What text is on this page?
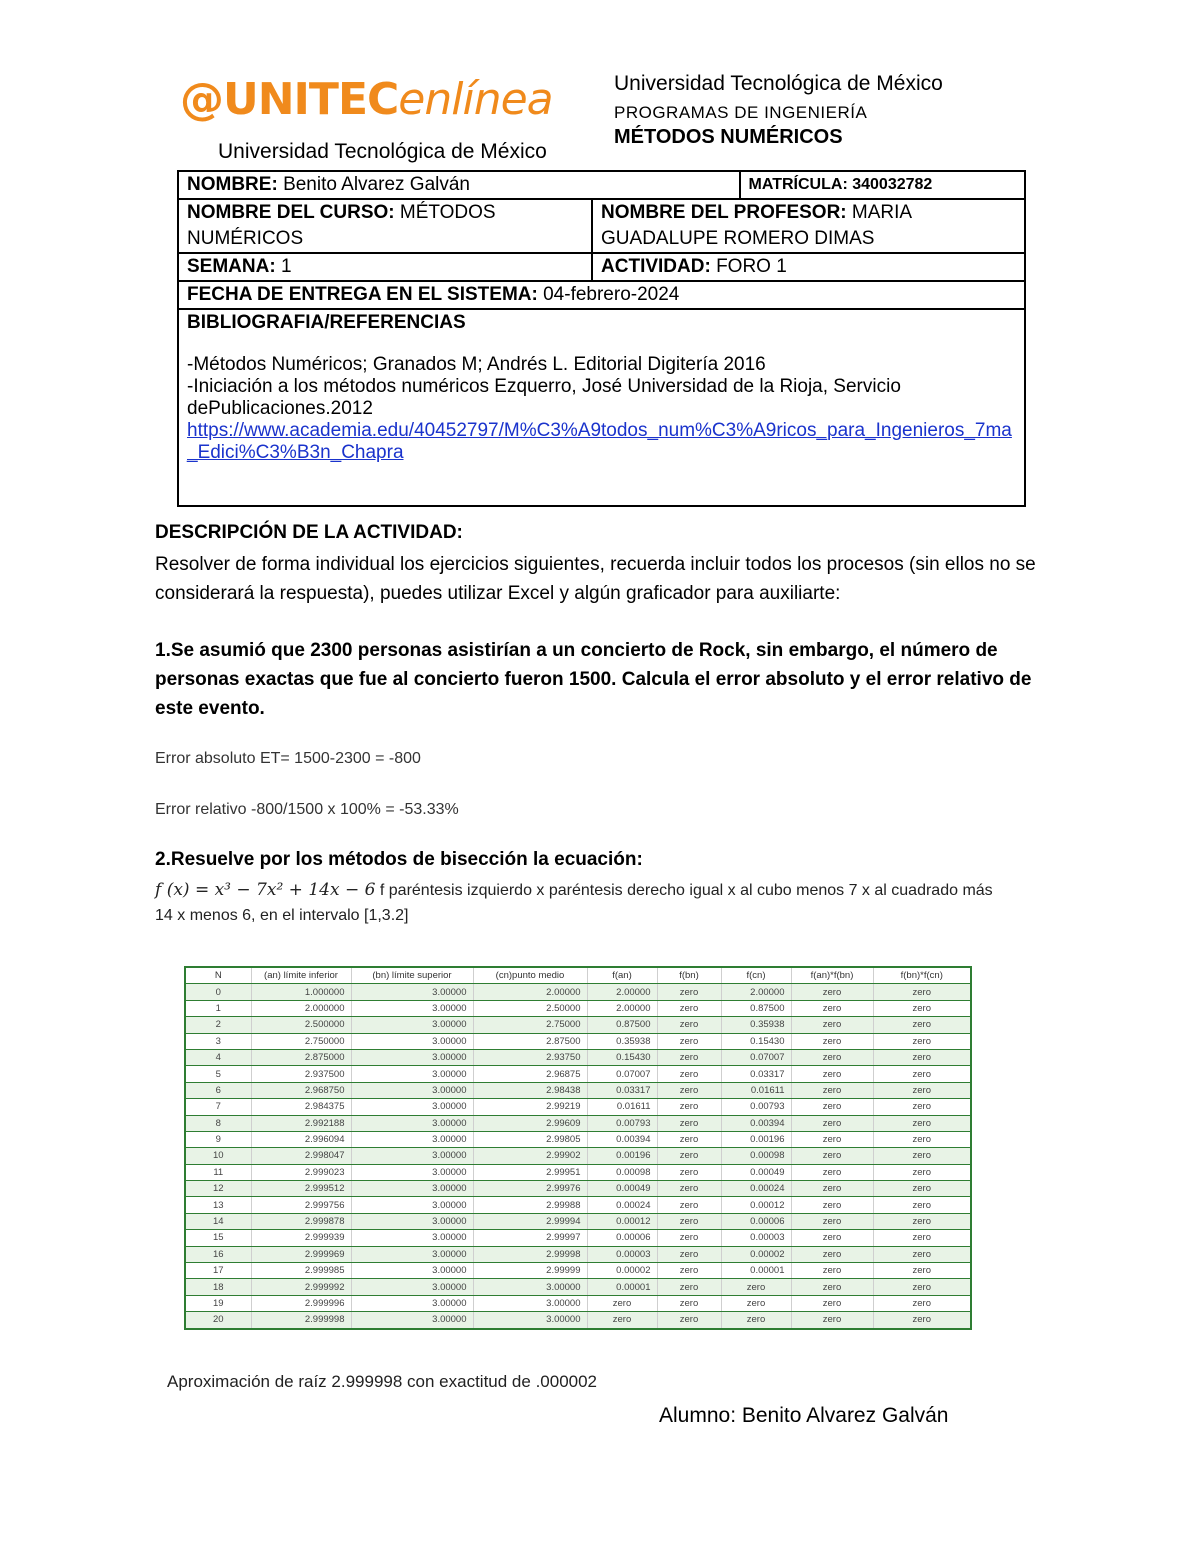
@UNITECenlínea
Universidad Tecnológica de México
Universidad Tecnológica de México
PROGRAMAS DE INGENIERÍA
MÉTODOS NUMÉRICOS
NOMBRE: Benito Alvarez Galván		MATRÍCULA: 340032782
NOMBRE DEL CURSO: MÉTODOS NUMÉRICOS	NOMBRE DEL PROFESOR: MARIA GUADALUPE ROMERO DIMAS	
SEMANA: 1	ACTIVIDAD: FORO 1	
FECHA DE ENTREGA EN EL SISTEMA: 04-febrero-2024		
BIBLIOGRAFIA/REFERENCIAS
-Métodos Numéricos; Granados M; Andrés L. Editorial Digitería 2016
-Iniciación a los métodos numéricos Ezquerro, José Universidad de la Rioja, Servicio dePublicaciones.2012
https://www.academia.edu/40452797/M%C3%A9todos_num%C3%A9ricos_para_Ingenieros_7ma_Edici%C3%B3n_Chapra		
DESCRIPCIÓN DE LA ACTIVIDAD:
Resolver de forma individual los ejercicios siguientes, recuerda incluir todos los procesos (sin ellos no se considerará la respuesta), puedes utilizar Excel y algún graficador para auxiliarte:
1.Se asumió que 2300 personas asistirían a un concierto de Rock, sin embargo, el número de personas exactas que fue al concierto fueron 1500. Calcula el error absoluto y el error relativo de este evento.
Error absoluto ET= 1500-2300 = -800
Error relativo -800/1500 x 100% = -53.33%
2.Resuelve por los métodos de bisección la ecuación:
f (x) = x³ − 7x² + 14x − 6 f paréntesis izquierdo x paréntesis derecho igual x al cubo menos 7 x al cuadrado más 14 x menos 6, en el intervalo [1,3.2]
N	(an) límite inferior	(bn) límite superior	(cn)punto medio	f(an)	f(bn)	f(cn)	f(an)*f(bn)	f(bn)*f(cn)
0	1.000000	3.00000	2.00000	2.00000	zero	2.00000	zero	zero
1	2.000000	3.00000	2.50000	2.00000	zero	0.87500	zero	zero
2	2.500000	3.00000	2.75000	0.87500	zero	0.35938	zero	zero
3	2.750000	3.00000	2.87500	0.35938	zero	0.15430	zero	zero
4	2.875000	3.00000	2.93750	0.15430	zero	0.07007	zero	zero
5	2.937500	3.00000	2.96875	0.07007	zero	0.03317	zero	zero
6	2.968750	3.00000	2.98438	0.03317	zero	0.01611	zero	zero
7	2.984375	3.00000	2.99219	0.01611	zero	0.00793	zero	zero
8	2.992188	3.00000	2.99609	0.00793	zero	0.00394	zero	zero
9	2.996094	3.00000	2.99805	0.00394	zero	0.00196	zero	zero
10	2.998047	3.00000	2.99902	0.00196	zero	0.00098	zero	zero
11	2.999023	3.00000	2.99951	0.00098	zero	0.00049	zero	zero
12	2.999512	3.00000	2.99976	0.00049	zero	0.00024	zero	zero
13	2.999756	3.00000	2.99988	0.00024	zero	0.00012	zero	zero
14	2.999878	3.00000	2.99994	0.00012	zero	0.00006	zero	zero
15	2.999939	3.00000	2.99997	0.00006	zero	0.00003	zero	zero
16	2.999969	3.00000	2.99998	0.00003	zero	0.00002	zero	zero
17	2.999985	3.00000	2.99999	0.00002	zero	0.00001	zero	zero
18	2.999992	3.00000	3.00000	0.00001	zero	zero	zero	zero
19	2.999996	3.00000	3.00000	zero	zero	zero	zero	zero
20	2.999998	3.00000	3.00000	zero	zero	zero	zero	zero
Aproximación de raíz 2.999998 con exactitud de .000002
Alumno: Benito Alvarez Galván
